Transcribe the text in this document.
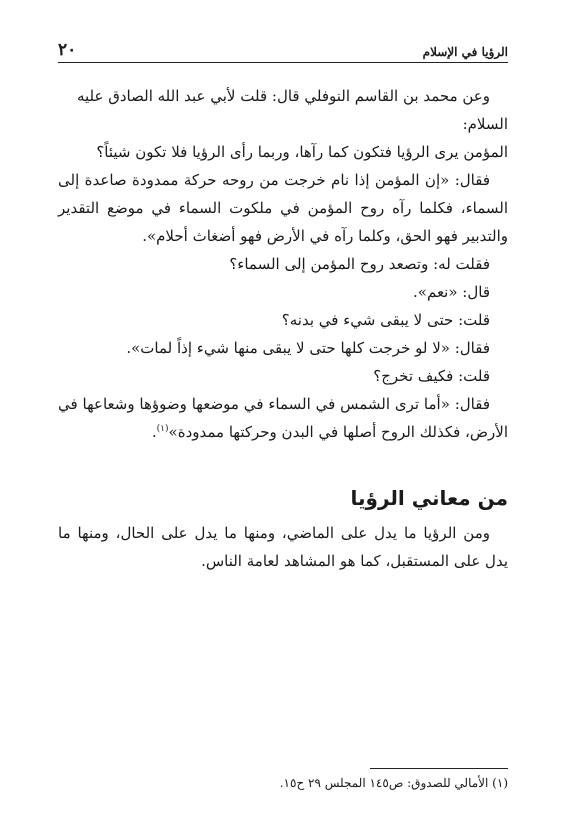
الرؤيا في الإسلام
٢٠

وعن محمد بن القاسم النوفلي قال: قلت لأبي عبد الله الصادق عليه السلام:

المؤمن يرى الرؤيا فتكون كما رآها، وربما رأى الرؤيا فلا تكون شيئاً؟

فقال: «إن المؤمن إذا نام خرجت من روحه حركة ممدودة صاعدة إلى السماء، فكلما رآه روح المؤمن في ملكوت السماء في موضع التقدير والتدبير فهو الحق، وكلما رآه في الأرض فهو أضغاث أحلام».

فقلت له: وتصعد روح المؤمن إلى السماء؟

قال: «نعم».

قلت: حتى لا يبقى شيء في بدنه؟

فقال: «لا لو خرجت كلها حتى لا يبقى منها شيء إذاً لمات».

قلت: فكيف تخرج؟

فقال: «أما ترى الشمس في السماء في موضعها وضوؤها وشعاعها في الأرض، فكذلك الروح أصلها في البدن وحركتها ممدودة»$^{(١)}$.

من معاني الرؤيا

ومن الرؤيا ما يدل على الماضي، ومنها ما يدل على الحال، ومنها ما يدل على المستقبل، كما هو المشاهد لعامة الناس.

(١) الأمالي للصدوق: ص١٤٥ المجلس ٢٩ ح١٥.
